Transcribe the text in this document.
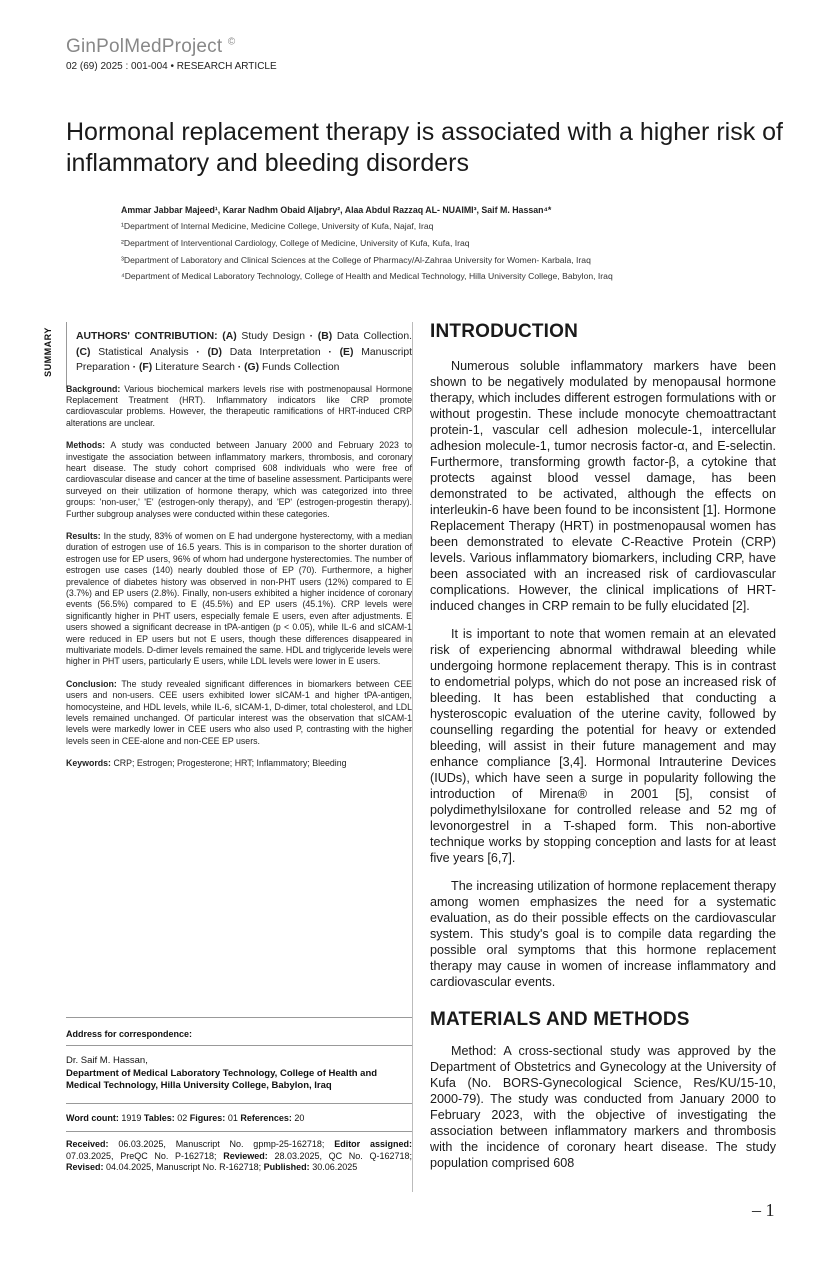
GinPolMedProject ©
02 (69) 2025 : 001-004 • RESEARCH ARTICLE
Hormonal replacement therapy is associated with a higher risk of inflammatory and bleeding disorders
Ammar Jabbar Majeed¹, Karar Nadhm Obaid Aljabry², Alaa Abdul Razzaq AL- NUAIMI³, Saif M. Hassan⁴*
¹Department of Internal Medicine, Medicine College, University of Kufa, Najaf, Iraq
²Department of Interventional Cardiology, College of Medicine, University of Kufa, Kufa, Iraq
³Department of Laboratory and Clinical Sciences at the College of Pharmacy/Al-Zahraa University for Women- Karbala, Iraq
⁴Department of Medical Laboratory Technology, College of Health and Medical Technology, Hilla University College, Babylon, Iraq
SUMMARY AUTHORS' CONTRIBUTION: (A) Study Design · (B) Data Collection. (C) Statistical Analysis · (D) Data Interpretation · (E) Manuscript Preparation · (F) Literature Search · (G) Funds Collection

Background: Various biochemical markers levels rise with postmenopausal Hormone Replacement Treatment (HRT). Inflammatory indicators like CRP promote cardiovascular problems. However, the therapeutic ramifications of HRT-induced CRP alterations are unclear.

Methods: A study was conducted between January 2000 and February 2023 to investigate the association between inflammatory markers, thrombosis, and coronary heart disease. The study cohort comprised 608 individuals who were free of cardiovascular disease and cancer at the time of baseline assessment. Participants were surveyed on their utilization of hormone therapy, which was categorized into three groups: 'non-user,' 'E' (estrogen-only therapy), and 'EP' (estrogen-progestin therapy). Further subgroup analyses were conducted within these categories.

Results: In the study, 83% of women on E had undergone hysterectomy, with a median duration of estrogen use of 16.5 years. This is in comparison to the shorter duration of estrogen use for EP users, 96% of whom had undergone hysterectomies. The number of estrogen use cases (140) nearly doubled those of EP (70). Furthermore, a higher prevalence of diabetes history was observed in non-PHT users (12%) compared to E (3.7%) and EP users (2.8%). Finally, non-users exhibited a higher incidence of coronary events (56.5%) compared to E (45.5%) and EP users (45.1%). CRP levels were significantly higher in PHT users, especially female E users, even after adjustments. E users showed a significant decrease in tPA-antigen (p < 0.05), while IL-6 and sICAM-1 were reduced in EP users but not E users, though these differences disappeared in multivariate models. D-dimer levels remained the same. HDL and triglyceride levels were higher in PHT users, particularly E users, while LDL levels were lower in E users.

Conclusion: The study revealed significant differences in biomarkers between CEE users and non-users. CEE users exhibited lower sICAM-1 and higher tPA-antigen, homocysteine, and HDL levels, while IL-6, sICAM-1, D-dimer, total cholesterol, and LDL levels remained unchanged. Of particular interest was the observation that sICAM-1 levels were markedly lower in CEE users who also used P, contrasting with the higher levels seen in CEE-alone and non-CEE EP users.

Keywords: CRP; Estrogen; Progesterone; HRT; Inflammatory; Bleeding

Address for correspondence:
Dr. Saif M. Hassan,
Department of Medical Laboratory Technology, College of Health and Medical Technology, Hilla University College, Babylon, Iraq
Word count: 1919 Tables: 02 Figures: 01 References: 20
Received: 06.03.2025, Manuscript No. gpmp-25-162718; Editor assigned: 07.03.2025, PreQC No. P-162718; Reviewed: 28.03.2025, QC No. Q-162718; Revised: 04.04.2025, Manuscript No. R-162718; Published: 30.06.2025
INTRODUCTION

Numerous soluble inflammatory markers have been shown to be negatively modulated by menopausal hormone therapy, which includes different estrogen formulations with or without progestin. These include monocyte chemoattractant protein-1, vascular cell adhesion molecule-1, intercellular adhesion molecule-1, tumor necrosis factor-α, and E-selectin. Furthermore, transforming growth factor-β, a cytokine that protects against blood vessel damage, has been demonstrated to be activated, although the effects on interleukin-6 have been found to be inconsistent [1]. Hormone Replacement Therapy (HRT) in postmenopausal women has been demonstrated to elevate C-Reactive Protein (CRP) levels. Various inflammatory biomarkers, including CRP, have been associated with an increased risk of cardiovascular complications. However, the clinical implications of HRT-induced changes in CRP remain to be fully elucidated [2].

It is important to note that women remain at an elevated risk of experiencing abnormal withdrawal bleeding while undergoing hormone replacement therapy. This is in contrast to endometrial polyps, which do not pose an increased risk of bleeding. It has been established that conducting a hysteroscopic evaluation of the uterine cavity, followed by counselling regarding the potential for heavy or extended bleeding, will assist in their future management and may enhance compliance [3,4]. Hormonal Intrauterine Devices (IUDs), which have seen a surge in popularity following the introduction of Mirena® in 2001 [5], consist of polydimethylsiloxane for controlled release and 52 mg of levonorgestrel in a T-shaped form. This non-abortive technique works by stopping conception and lasts for at least five years [6,7].

The increasing utilization of hormone replacement therapy among women emphasizes the need for a systematic evaluation, as do their possible effects on the cardiovascular system. This study's goal is to compile data regarding the possible oral symptoms that this hormone replacement therapy may cause in women of increase inflammatory and cardiovascular events.

MATERIALS AND METHODS

Method: A cross-sectional study was approved by the Department of Obstetrics and Gynecology at the University of Kufa (No. BORS-Gynecological Science, Res/KU/15-10, 2000-79). The study was conducted from January 2000 to February 2023, with the objective of investigating the association between inflammatory markers and thrombosis with the incidence of coronary heart disease. The study population comprised 608

– 1
